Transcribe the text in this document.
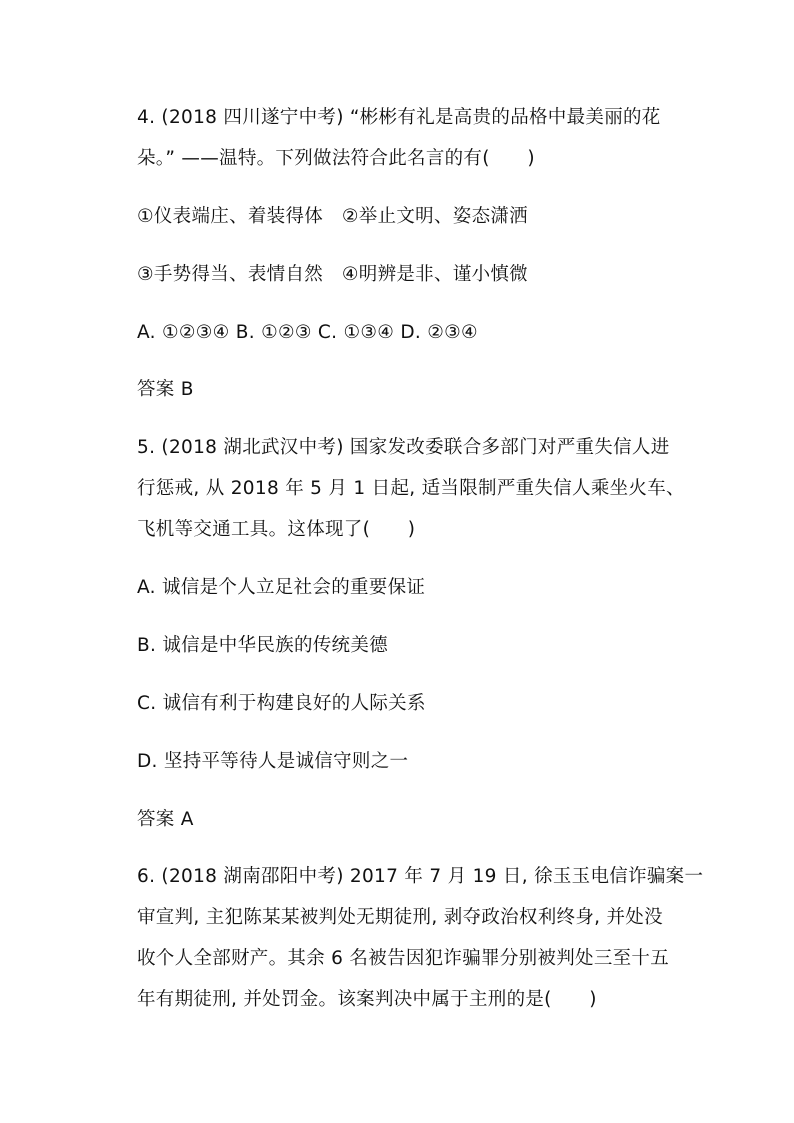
4. (2018 四川遂宁中考) “彬彬有礼是高贵的品格中最美丽的花
朵。” ——温特。下列做法符合此名言的有(　　)
①仪表端庄、着装得体　②举止文明、姿态潇洒
③手势得当、表情自然　④明辨是非、谨小慎微
A. ①②③④ B. ①②③ C. ①③④ D. ②③④
答案 B
5. (2018 湖北武汉中考) 国家发改委联合多部门对严重失信人进
行惩戒, 从 2018 年 5 月 1 日起, 适当限制严重失信人乘坐火车、
飞机等交通工具。这体现了(　　)
A. 诚信是个人立足社会的重要保证
B. 诚信是中华民族的传统美德
C. 诚信有利于构建良好的人际关系
D. 坚持平等待人是诚信守则之一
答案 A
6. (2018 湖南邵阳中考) 2017 年 7 月 19 日, 徐玉玉电信诈骗案一
审宣判, 主犯陈某某被判处无期徒刑, 剥夺政治权利终身, 并处没
收个人全部财产。其余 6 名被告因犯诈骗罪分别被判处三至十五
年有期徒刑, 并处罚金。该案判决中属于主刑的是(　　)
